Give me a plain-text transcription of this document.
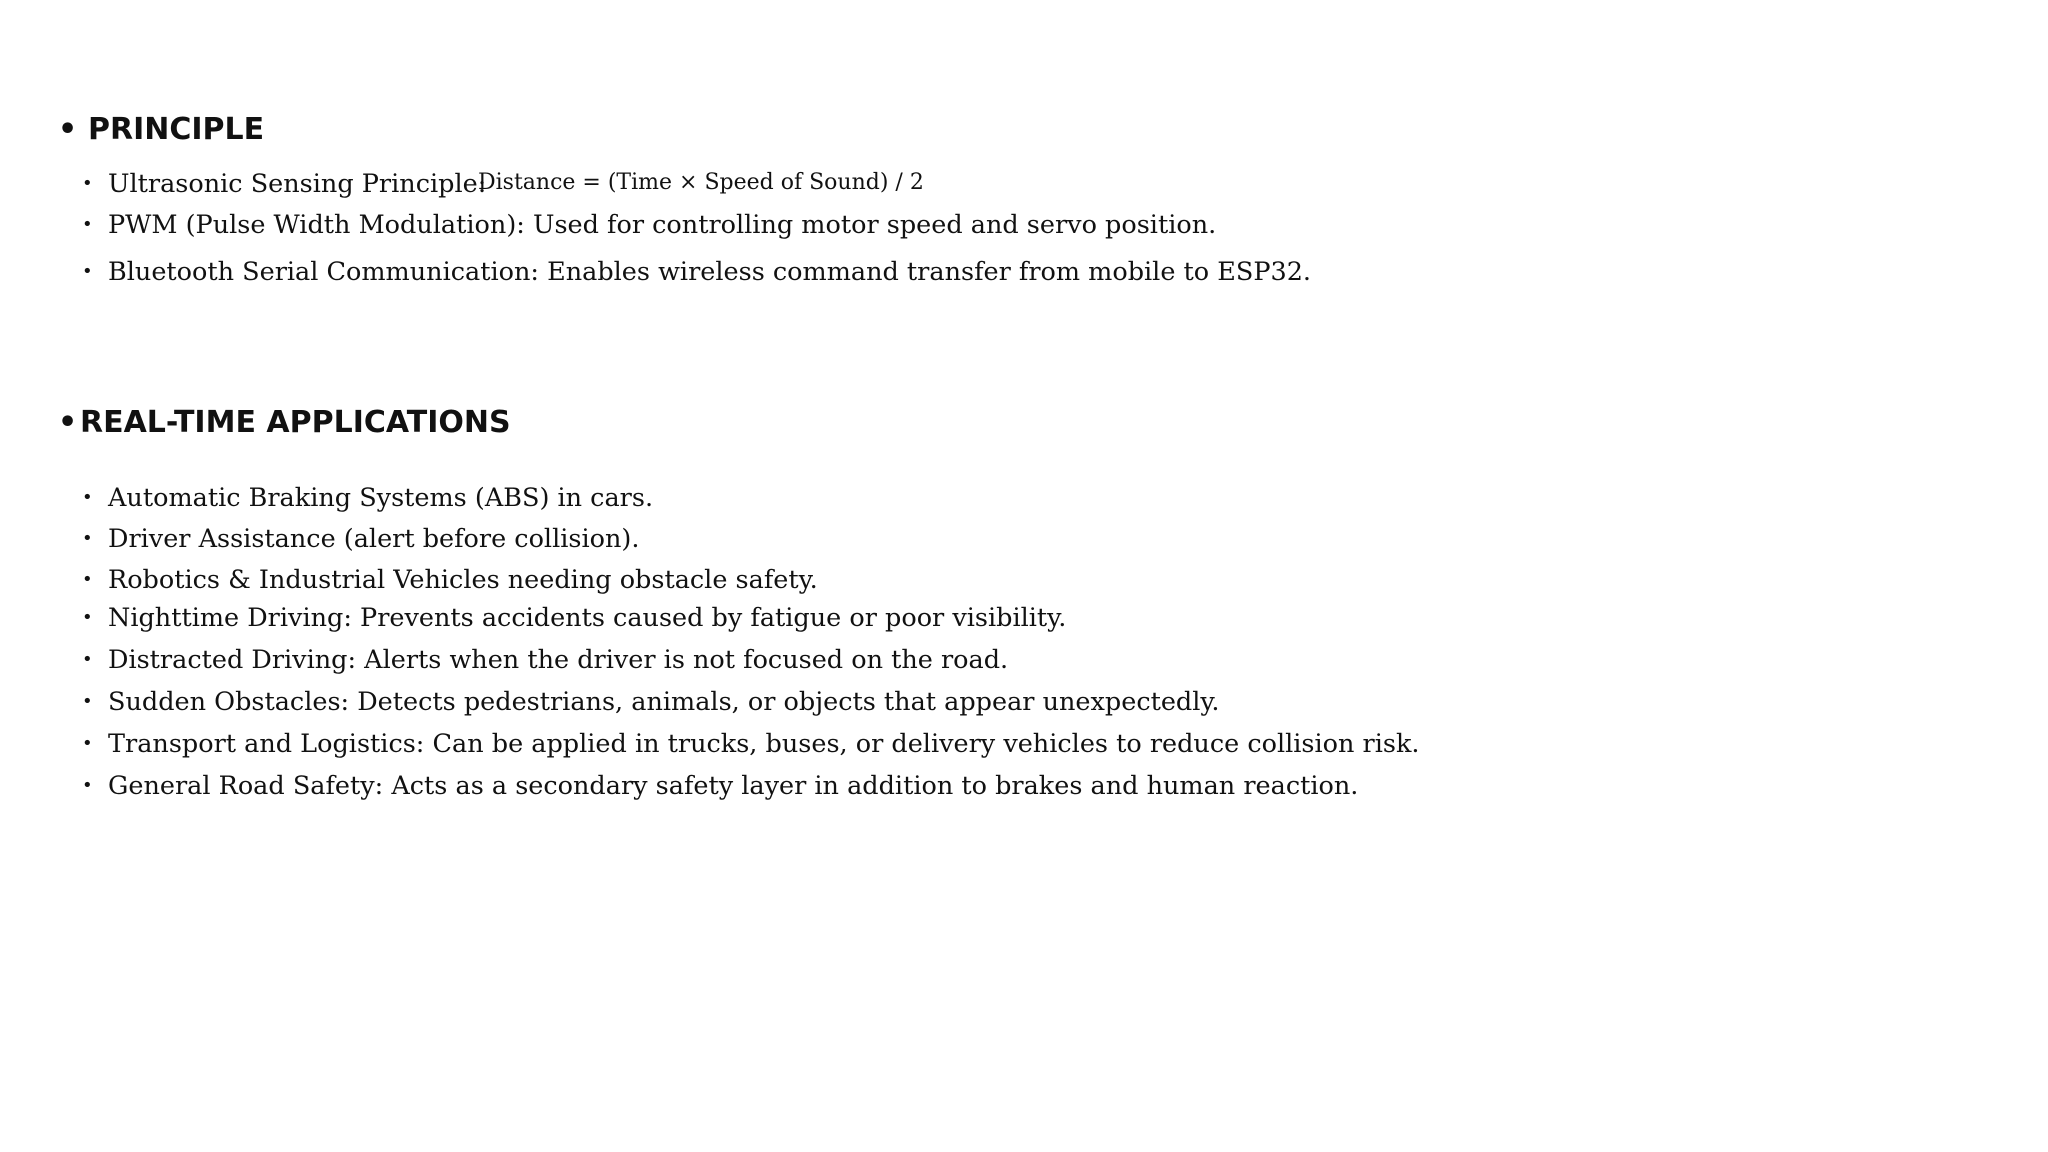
• PRINCIPLE
• Ultrasonic Sensing Principle:
Distance = (Time × Speed of Sound) / 2
• PWM (Pulse Width Modulation): Used for controlling motor speed and servo position.
• Bluetooth Serial Communication: Enables wireless command transfer from mobile to ESP32.
•REAL-TIME APPLICATIONS
• Automatic Braking Systems (ABS) in cars.
• Driver Assistance (alert before collision).
• Robotics & Industrial Vehicles needing obstacle safety.
• Nighttime Driving: Prevents accidents caused by fatigue or poor visibility.
• Distracted Driving: Alerts when the driver is not focused on the road.
• Sudden Obstacles: Detects pedestrians, animals, or objects that appear unexpectedly.
• Transport and Logistics: Can be applied in trucks, buses, or delivery vehicles to reduce collision risk.
• General Road Safety: Acts as a secondary safety layer in addition to brakes and human reaction.
